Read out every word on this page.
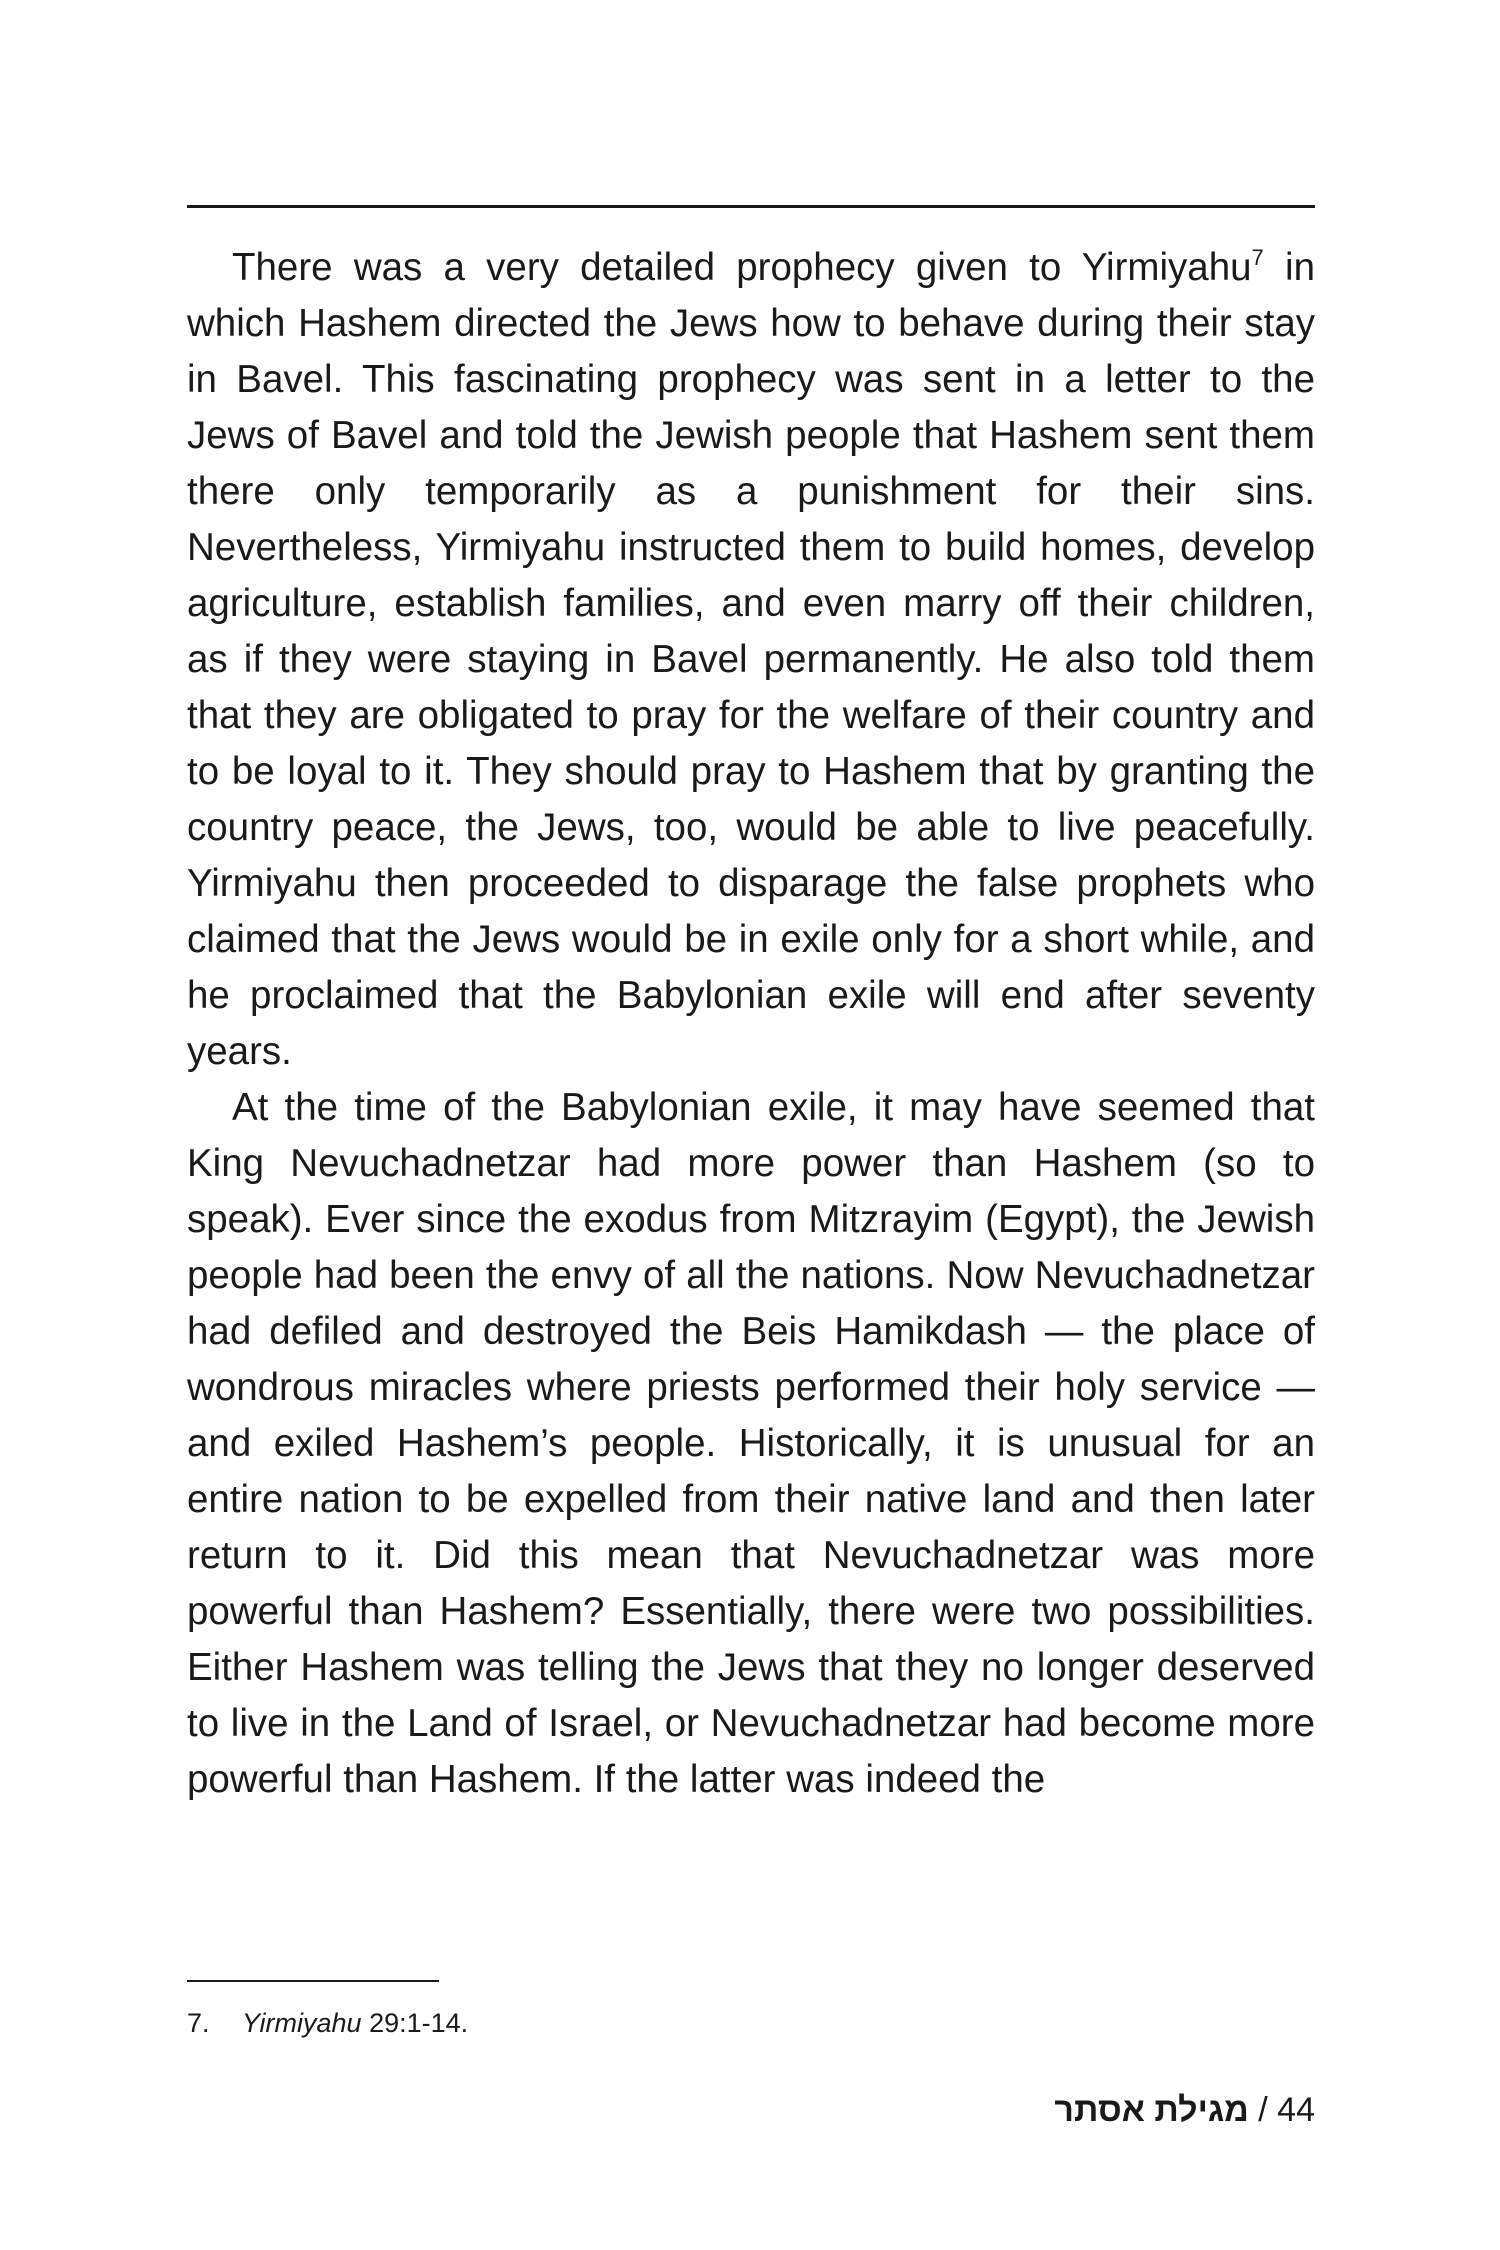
There was a very detailed prophecy given to Yirmiyahu$^7$ in which Hashem directed the Jews how to behave during their stay in Bavel. This fascinating prophecy was sent in a letter to the Jews of Bavel and told the Jewish people that Hashem sent them there only temporarily as a punishment for their sins. Nevertheless, Yirmiyahu instructed them to build homes, develop agriculture, establish families, and even marry off their children, as if they were staying in Bavel permanently. He also told them that they are obligated to pray for the welfare of their country and to be loyal to it. They should pray to Hashem that by granting the country peace, the Jews, too, would be able to live peacefully. Yirmiyahu then proceeded to disparage the false prophets who claimed that the Jews would be in exile only for a short while, and he proclaimed that the Babylonian exile will end after seventy years.

At the time of the Babylonian exile, it may have seemed that King Nevuchadnetzar had more power than Hashem (so to speak). Ever since the exodus from Mitzrayim (Egypt), the Jewish people had been the envy of all the nations. Now Nevuchadnetzar had defiled and destroyed the Beis Hamikdash — the place of wondrous miracles where priests performed their holy service — and exiled Hashem’s people. Historically, it is unusual for an entire nation to be expelled from their native land and then later return to it. Did this mean that Nevuchadnetzar was more powerful than Hashem? Essentially, there were two possibilities. Either Hashem was telling the Jews that they no longer deserved to live in the Land of Israel, or Nevuchadnetzar had become more powerful than Hashem. If the latter was indeed the

7. Yirmiyahu 29:1-14.
מגילת אסתר / 44
